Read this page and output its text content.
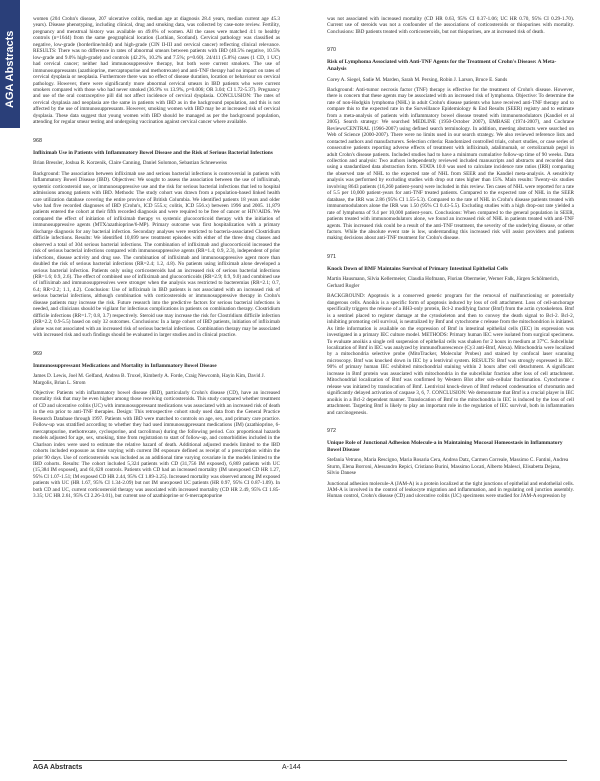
AGA Abstracts

women (204 Crohn's disease, 207 ulcerative colitis, median age at diagnosis 28.4 years, median current age 45.3 years). Disease phenotyping, including clinical, drug and smoking data, was collected by case-note review. Fertility, pregnancy and menstrual history was available on 49.6% of women. All the cases were matched 4:1 to healthy controls (n=1644) from the same geographical location (Lothian, Scotland). Cervical pathology was classified as negative, low-grade (borderline/mild) and high-grade (CIN II-III and cervical cancer) reflecting clinical relevance. RESULTS: There was no difference in rates of abnormal smears between patients with IBD (40.5% negative, 10.5% low-grade and 9.0% high-grade) and controls (42.2%, 10.2% and 7.5%; p=0.60). 24/411 (5.8%) cases (1 CD, 1 UC) had cervical cancer; neither had immunosuppressive therapy, but both were current smokers. The use of immunosuppressants (azathioprine, mercaptopurine and methotrexate) and anti-TNF therapy had no impact on rates of cervical dysplasia or neoplasia. Furthermore there was no effect of disease duration, location or behaviour on cervical pathology. However, there were significantly more abnormal cervical smears in IBD patients who were current smokers compared with those who had never smoked (36.9% vs 13.9%, p=0.006; OR 3.04; CI 1.72-5.37). Pregnancy and use of the oral contraceptive pill did not affect incidence of cervical dysplasia. CONCLUSION: The rates of cervical dysplasia and neoplasia are the same in patients with IBD as in the background population, and this is not affected by the use of immunosuppressants. However, smoking women with IBD may be at increased risk of cervical dysplasia. These data suggest that young women with IBD should be managed as per the background population, attending for regular smear testing and undergoing vaccination against cervical cancer where available.

968
Infliximab Use in Patients with Inflammatory Bowel Disease and the Risk of Serious Bacterial Infections
Brian Bressler, Joshua R. Korzenik, Claire Canning, Daniel Solomon, Sebastian Schneeweiss

Background: The association between infliximab use and serious bacterial infections is controversial in patients with Inflammatory Bowel Disease (IBD). Objectives: We sought to assess the association between the use of infliximab, systemic corticosteroid use, or immunosuppressive use and the risk for serious bacterial infections that led to hospital admissions among patients with IBD. Methods: The study cohort was drawn from a population-based linked health care utilization database covering the entire province of British Columbia. We identified patients 18 years and older who had five recorded diagnoses of IBD (Crohn's, ICD 555.x; colitis, ICD 556.x) between 1996 and 2005. 11,879 patients entered the cohort at their fifth recorded diagnosis and were required to be free of cancer or HIV/AIDS. We compared the effect of initiation of infliximab therapy vs systemic glucocorticoid therapy with the initiation of immunosuppressive agents (MTX/azathioprine/6-MP). Primary outcome was first hospitalization with a primary discharge diagnosis for any bacterial infection. Secondary analyses were restricted to bacteria-associated Clostridium difficile infections. Results: We identified 10,699 new treatment episodes with either of the three drug classes and observed a total of 304 serious bacterial infections. The combination of infliximab and glucocorticoid increased the risk of serious bacterial infections compared with immunosuppressive agents (RR=1.4; 0.9, 2.3), independent of prior infections, disease activity and drug use. The combination of infliximab and immunosuppressive agent more than doubled the risk of serious bacterial infections (RR=2.4; 1.2, 4.8). No patients using infliximab alone developed a serious bacterial infection. Patients only using corticosteroids had an increased risk of serious bacterial infections (RR=1.6; 0.9, 2.6). The effect of combined use of infliximab and glucocorticoids (RR=2.9; 0.9, 9.0) and combined use of infliximab and immunosuppressives were stronger when the analysis was restricted to bacteremias (RR=2.1; 0.7, 6.4; RR=2.2; 1.1, 4.2). Conclusion: Use of infliximab in IBD patients is not associated with an increased risk of serious bacterial infections, although combination with corticosteroids or immunosuppressive therapy in Crohn's disease patients may increase the risk. Future research into the predictive factors for serious bacterial infections is needed, and clinicians should be vigilant for infectious complications in patients on combination therapy. Clostridium difficile infections (RR=1.7; 0.8, 3.7) respectively. Steroid use may increase the risk for Clostridium difficile infection (RR=2.2; 0.9-5.5) based on only 32 outcomes. Conclusions: In a large cohort of IBD patients, initiation of infliximab alone was not associated with an increased risk of serious bacterial infections. Combination therapy may be associated with increased risk and such findings should be evaluated in larger studies and in clinical practice.

969
Immunosuppressant Medications and Mortality in Inflammatory Bowel Disease
James D. Lewis, Joel M. Gelfand, Andrea B. Troxel, Kimberly A. Forde, Craig Newcomb, Hayin Kim, David J. Margolis, Brian L. Strom

Objective: Patients with inflammatory bowel disease (IBD), particularly Crohn's disease (CD), have an increased mortality risk that may be even higher among those receiving corticosteroids. This study compared whether treatment of CD and ulcerative colitis (UC) with immunosuppressant medications was associated with an increased risk of death in the era prior to anti-TNF therapies. Design: This retrospective cohort study used data from the General Practice Research Database through 1997. Patients with IBD were matched to controls on age, sex, and primary care practice. Follow-up was stratified according to whether they had used immunosuppressant medications (IM) (azathioprine, 6-mercaptopurine, methotrexate, cyclosporine, and tacrolimus) during the following period. Cox proportional hazards models adjusted for age, sex, smoking, time from registration to start of follow-up, and comorbidities included in the Charlson index were used to estimate the relative hazard of death. Additional adjusted models limited to the IBD cohorts included exposure as time varying with current IM exposure defined as receipt of a prescription within the prior 90 days. Use of corticosteroids was included as an additional time varying covariate in the models limited to the IBD cohorts. Results: The cohort included 5,324 patients with CD (31,756 IM exposed), 6,869 patients with UC (15,384 IM exposed), and 61,628 controls. Patients with CD had an increased mortality (IM unexposed CD HR 1.27, 95% CI 1.07-1.51; IM exposed CD HR 2.44, 95% CI 1.89-3.25). Increased mortality was observed among IM exposed patients with UC (HR 1.67, 95% CI 1.34-2.09) but not IM unexposed UC patients (HR 0.97, 95% CI 0.87-1.09). In both CD and UC, current corticosteroid therapy was associated with increased mortality (CD HR 2.49, 95% CI 1.85-3.35; UC HR 2.61, 95% CI 2.26-3.01), but current use of azathioprine or 6-mercaptopurine

was not associated with increased mortality (CD HR 0.63, 95% CI 0.37-1.06; UC HR 0.70, 95% CI 0.29-1.70). Current use of steroids was not a confounder of the associations of corticosteroids or thiopurines with mortality. Conclusions: IBD patients treated with corticosteroids, but not thiopurines, are at increased risk of death.

970
Risk of Lymphoma Associated with Anti-TNF Agents for the Treatment of Crohn's Disease: A Meta-Analysis
Corey A. Siegel, Sadie M. Marden, Sarah M. Persing, Robin J. Larson, Bruce E. Sands

Background: Anti-tumor necrosis factor (TNF) therapy is effective for the treatment of Crohn's disease. However, there is concern that these agents may be associated with an increased risk of lymphoma. Objective: To determine the rate of non-Hodgkin lymphoma (NHL) in adult Crohn's disease patients who have received anti-TNF therapy and to compare this to the expected rate in the Surveillance Epidemiology & End Results (SEER) registry and to estimate from a meta-analysis of patients with inflammatory bowel disease treated with immunomodulators (Kandiel et al 2005). Search strategy: We searched MEDLINE (1950-October 2007), EMBASE (1974-2007), and Cochrane Reviews/CENTRAL (1966-2007) using defined search terminology. In addition, meeting abstracts were searched on Web of Science (2000-2007). There were no limits used in our search strategy. We also reviewed reference lists and contacted authors and manufacturers. Selection criteria: Randomized controlled trials, cohort studies, or case series of consecutive patients reporting adverse effects of treatment with infliximab, adalimumab, or certolizumab pegol in adult Crohn's disease patients. Included studies had to have a minimum cumulative follow-up time of 90 weeks. Data collection and analysis: Two authors independently reviewed included manuscripts and abstracts and recorded data using a standardized data abstraction form. STATA 10.0 was used to calculate incidence rate ratios (IRR) comparing the observed rate of NHL to the expected rate of NHL from SEER and the Kandiel meta-analysis. A sensitivity analysis was performed by excluding studies with drop out rates higher than 15%. Main results: Twenty-six studies involving 8643 patients (16,260 patient-years) were included in this review. Ten cases of NHL were reported for a rate of 5.5 per 10,000 patient-years for anti-TNF treated patients. Compared to the expected rate of NHL in the SEER database, the IRR was 2.86 (95% CI 1.55-5.3). Compared to the rate of NHL in Crohn's disease patients treated with immunomodulators alone the IRR was 1.50 (95% CI 0.43-5.5). Excluding studies with a high drop-out rate yielded a rate of lymphoma of 9.4 per 10,000 patient-years. Conclusions: When compared to the general population in SEER, patients treated with immunomodulators alone, we found an increased risk of NHL in patients treated with anti-TNF agents. This increased risk could be a result of the anti-TNF treatment, the severity of the underlying disease, or other factors. While the absolute event rate is low, understanding this increased risk will assist providers and patients making decisions about anti-TNF treatment for Crohn's disease.

971
Knock Down of BMF Maintains Survival of Primary Intestinal Epithelial Cells
Martin Hausmann, Silvia Kellermeier, Claudia Hofmann, Florian Obermeier, Werner Falk, Jürgen Schölmerich, Gerhard Rogler

BACKGROUND: Apoptosis is a conserved genetic program for the removal of malfunctioning or potentially dangerous cells. Anoikis is a specific form of apoptosis induced by loss of cell attachment. Loss of cell-anchorage specifically triggers the release of a BH3-only protein, Bcl-2 modifying factor (Bmf) from the actin cytoskeleton. Bmf is a sentinel placed to register damage at the cytoskeleton and then to convey the death signal to Bcl-2. Bcl-2, inhibiting promoting cell survival, is neutralized by Bmf and cytochrome c release from the mitochondrion is initiated. As little information is available on the expression of Bmf in intestinal epithelial cells (IEC) its expression was investigated in a primary IEC culture model. METHODS: Primary human IEC were isolated from surgical specimens. To evaluate anoikis a single cell suspension of epithelial cells was shaken for 2 hours in medium at 37°C. Subcellular localization of Bmf in IEC was analyzed by immunofluorescence (Cy3 anti-Bmf, Alexa). Mitochondria were localized by a mitochondria selective probe (MitoTracker, Molecular Probes) and stained by confocal laser scanning microscopy. Bmf was knocked down in IEC by a lentiviral system. RESULTS: Bmf was strongly expressed in IEC. 90% of primary human IEC exhibited mitochondrial staining within 2 hours after cell detachment. A significant increase in Bmf protein was associated with mitochondria in the subcellular fraction after loss of cell attachment. Mitochondrial localization of Bmf was confirmed by Western Blot after sub-cellular fractionation. Cytochrome c release was initiated by translocation of Bmf. Lentiviral knock-down of Bmf reduced condensation of chromatin and significantly delayed activation of caspase 3, 6, 7. CONCLUSION: We demonstrate that Bmf is a crucial player in IEC anoikis in a Bcl-2 dependent manner. Translocation of Bmf to the mitochondria in IEC is induced by the loss of cell attachment. Targeting Bmf is likely to play an important role in the regulation of IEC survival, both in inflammation and carcinogenesis.

972
Unique Role of Junctional Adhesion Molecule-a in Maintaining Mucosal Homeostasis in Inflammatory Bowel Disease
Stefania Vetrano, Maria Rescigno, Maria Rosaria Cera, Andrea Datz, Carmen Correale, Massimo C. Fantini, Andrea Sturm, Elena Borroni, Alessandro Repici, Cristiano Burini, Massimo Locati, Alberto Malesci, Elisabetta Dejana, Silvio Danese

Junctional adhesion molecule-A (JAM-A) is a protein localized at the tight junctions of epithelial and endothelial cells. JAM-A is involved in the control of leukocyte migration and inflammation, and in regulating cell junction assembly. Human control, Crohn's disease (CD) and ulcerative colitis (UC) specimens were studied for JAM-A expression by

AGA Abstracts	A-144
